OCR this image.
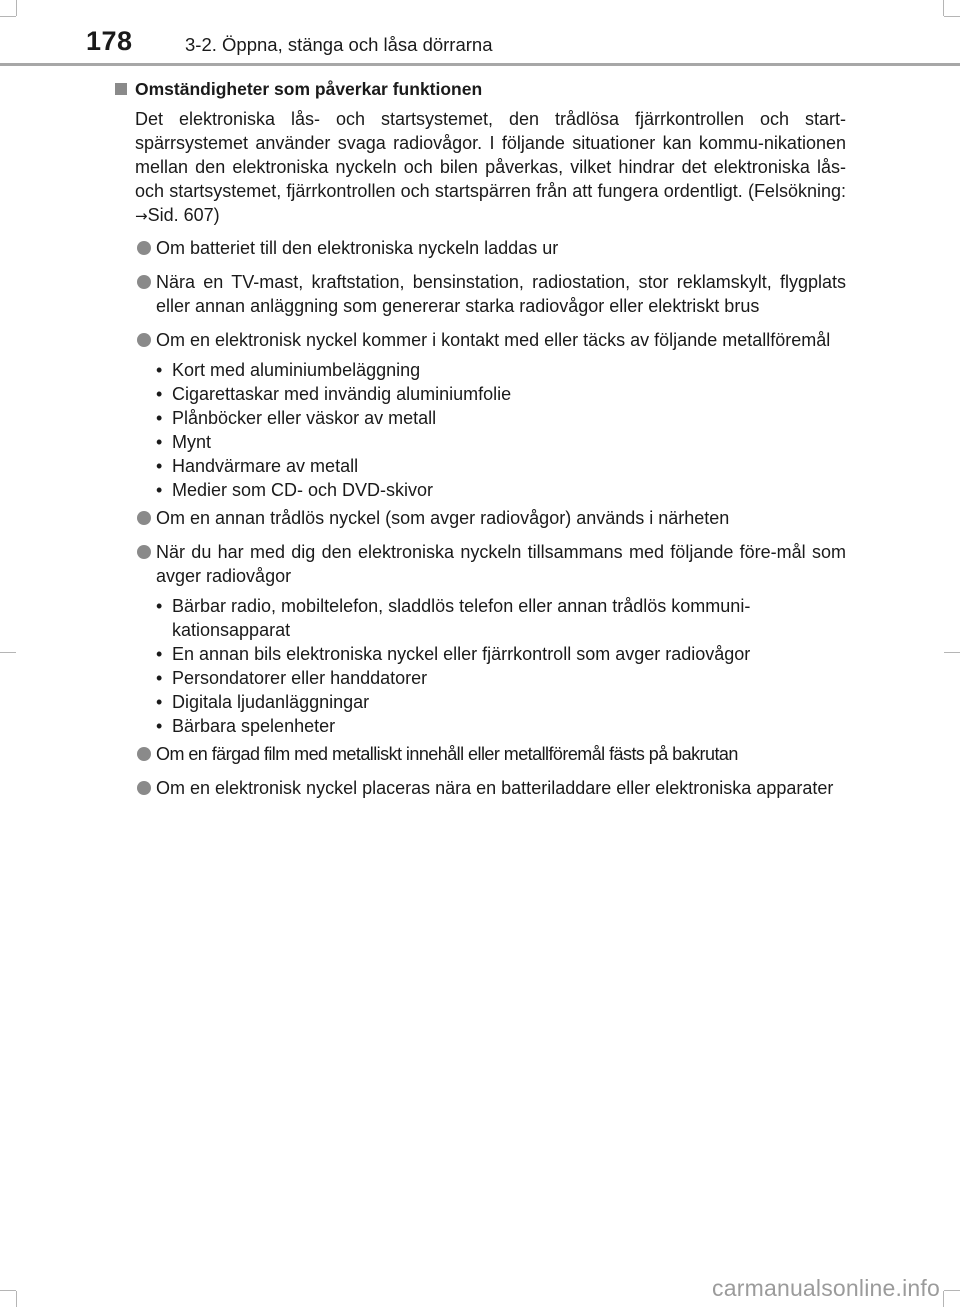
178	3-2. Öppna, stänga och låsa dörrarna
Omständigheter som påverkar funktionen

Det elektroniska lås- och startsystemet, den trådlösa fjärrkontrollen och start-spärrsystemet använder svaga radiovågor. I följande situationer kan kommu-nikationen mellan den elektroniska nyckeln och bilen påverkas, vilket hindrar det elektroniska lås- och startsystemet, fjärrkontrollen och startspärren från att fungera ordentligt. (Felsökning: →Sid. 607)

Om batteriet till den elektroniska nyckeln laddas ur
Nära en TV-mast, kraftstation, bensinstation, radiostation, stor reklamskylt, flygplats eller annan anläggning som genererar starka radiovågor eller elektriskt brus
Om en elektronisk nyckel kommer i kontakt med eller täcks av följande metallföremål
• Kort med aluminiumbeläggning
• Cigarettaskar med invändig aluminiumfolie
• Plånböcker eller väskor av metall
• Mynt
• Handvärmare av metall
• Medier som CD- och DVD-skivor
Om en annan trådlös nyckel (som avger radiovågor) används i närheten
När du har med dig den elektroniska nyckeln tillsammans med följande före-mål som avger radiovågor
• Bärbar radio, mobiltelefon, sladdlös telefon eller annan trådlös kommuni-kationsapparat
• En annan bils elektroniska nyckel eller fjärrkontroll som avger radiovågor
• Persondatorer eller handdatorer
• Digitala ljudanläggningar
• Bärbara spelenheter
Om en färgad film med metalliskt innehåll eller metallföremål fästs på bakrutan
Om en elektronisk nyckel placeras nära en batteriladdare eller elektroniska apparater
carmanualsonline.info
